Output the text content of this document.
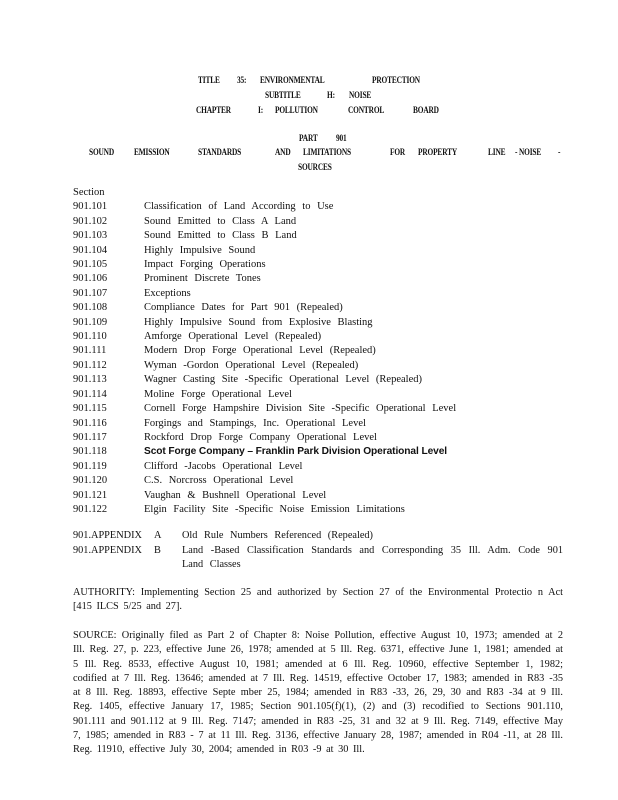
TITLE 35: ENVIRONMENTAL	PROTECTION
SUBTITLE	H: NOISE
CHAPTER	I: POLLUTION	CONTROL	BOARD
PART 901
SOUND EMISSION	STANDARDS	AND LIMITATIONS	FOR PROPERTY	LINE - NOISE -
SOURCES
Section
901.101	Classification of Land According to Use
901.102	Sound Emitted to Class A Land
901.103	Sound Emitted to Class B Land
901.104	Highly Impulsive Sound
901.105	Impact Forging Operations
901.106	Prominent Discrete Tones
901.107	Exceptions
901.108	Compliance Dates for Part 901 (Repealed)
901.109	Highly Impulsive Sound from Explosive Blasting
901.110	Amforge Operational Level (Repealed)
901.111	Modern Drop Forge Operational Level (Repealed)
901.112	Wyman -Gordon Operational Level (Repealed)
901.113	Wagner Casting Site -Specific Operational Level (Repealed)
901.114	Moline Forge Operational Level
901.115	Cornell Forge Hampshire Division Site -Specific Operational Level
901.116	Forgings and Stampings, Inc. Operational Level
901.117	Rockford Drop Forge Company Operational Level
901.118	Scot Forge Company – Franklin Park Division Operational Level
901.119	Clifford -Jacobs Operational Level
901.120	C.S. Norcross Operational Level
901.121	Vaughan & Bushnell Operational Level
901.122	Elgin Facility Site -Specific Noise Emission Limitations
901.APPENDIX	A	Old Rule Numbers Referenced (Repealed)
901.APPENDIX	B	Land -Based Classification Standards and Corresponding 35 Ill. Adm. Code 901 Land Classes
AUTHORITY: Implementing Section 25 and authorized by Section 27 of the Environmental Protectio n Act [415 ILCS 5/25 and 27].
SOURCE: Originally filed as Part 2 of Chapter 8: Noise Pollution, effective August 10, 1973; amended at 2 Ill. Reg. 27, p. 223, effective June 26, 1978; amended at 5 Ill. Reg. 6371, effective June 1, 1981; amended at 5 Ill. Reg. 8533, effective August 10, 1981; amended at 6 Ill. Reg. 10960, effective September 1, 1982; codified at 7 Ill. Reg. 13646; amended at 7 Ill. Reg. 14519, effective October 17, 1983; amended in R83 -35 at 8 Ill. Reg. 18893, effective Septe mber 25, 1984; amended in R83 -33, 26, 29, 30 and R83 -34 at 9 Ill. Reg. 1405, effective January 17, 1985; Section 901.105(f)(1), (2) and (3) recodified to Sections 901.110, 901.111 and 901.112 at 9 Ill. Reg. 7147; amended in R83 -25, 31 and 32 at 9 Ill. Reg. 7149, effective May 7, 1985; amended in R83 - 7 at 11 Ill. Reg. 3136, effective January 28, 1987; amended in R04 -11, at 28 Ill. Reg. 11910, effective July 30, 2004; amended in R03 -9 at 30 Ill.
